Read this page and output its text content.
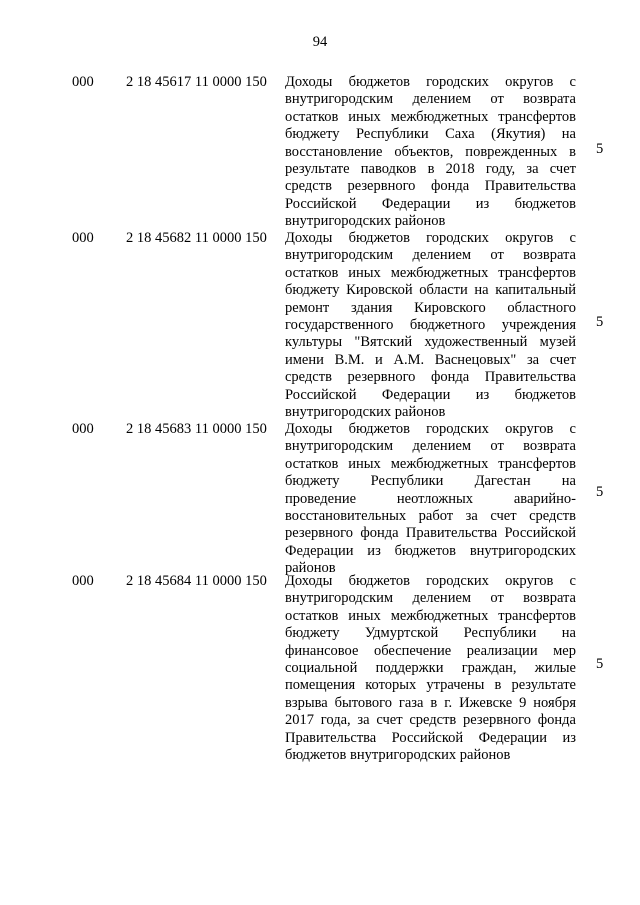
94
000 2 18 45617 11 0000 150 Доходы бюджетов городских округов с
внутригородским делением от возврата
остатков иных межбюджетных трансфертов
бюджету Республики Саха (Якутия) на
восстановление объектов, поврежденных в
результате паводков в 2018 году, за счет
средств резервного фонда Правительства
Российской Федерации из бюджетов
внутригородских районов
5
000 2 18 45682 11 0000 150 Доходы бюджетов городских округов с
внутригородским делением от возврата
остатков иных межбюджетных трансфертов
бюджету Кировской области на капитальный
ремонт здания Кировского областного
государственного бюджетного учреждения
культуры "Вятский художественный музей
имени В.М. и А.М. Васнецовых" за счет
средств резервного фонда Правительства
Российской Федерации из бюджетов
внутригородских районов
5
000 2 18 45683 11 0000 150 Доходы бюджетов городских округов с
внутригородским делением от возврата
остатков иных межбюджетных трансфертов
бюджету Республики Дагестан на
проведение неотложных аварийно-
восстановительных работ за счет средств
резервного фонда Правительства Российской
Федерации из бюджетов внутригородских
районов
5
000 2 18 45684 11 0000 150 Доходы бюджетов городских округов с
внутригородским делением от возврата
остатков иных межбюджетных трансфертов
бюджету Удмуртской Республики на
финансовое обеспечение реализации мер
социальной поддержки граждан, жилые
помещения которых утрачены в результате
взрыва бытового газа в г. Ижевске 9 ноября
2017 года, за счет средств резервного фонда
Правительства Российской Федерации из
бюджетов внутригородских районов
5
